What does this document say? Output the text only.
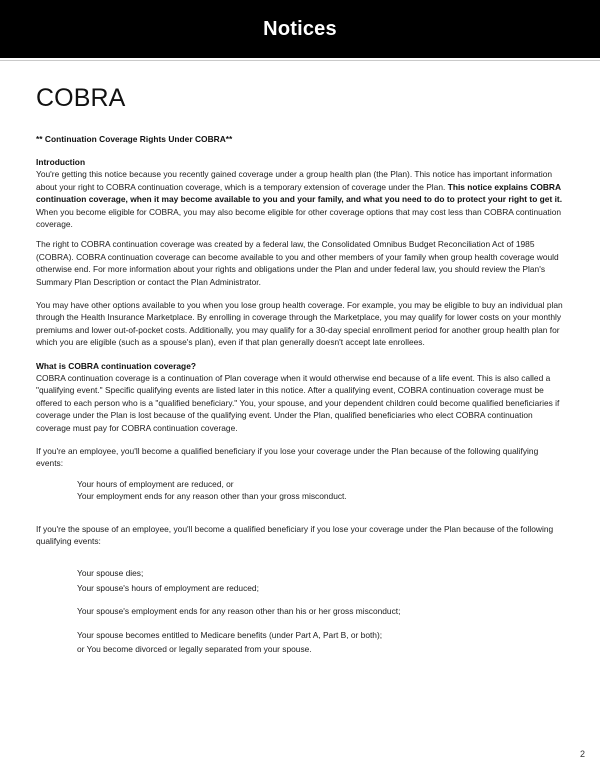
Notices
COBRA

** Continuation Coverage Rights Under COBRA**

Introduction

You're getting this notice because you recently gained coverage under a group health plan (the Plan). This notice has important information about your right to COBRA continuation coverage, which is a temporary extension of coverage under the Plan. This notice explains COBRA continuation coverage, when it may become available to you and your family, and what you need to do to protect your right to get it. When you become eligible for COBRA, you may also become eligible for other coverage options that may cost less than COBRA continuation coverage.

The right to COBRA continuation coverage was created by a federal law, the Consolidated Omnibus Budget Reconciliation Act of 1985 (COBRA). COBRA continuation coverage can become available to you and other members of your family when group health coverage would otherwise end. For more information about your rights and obligations under the Plan and under federal law, you should review the Plan's Summary Plan Description or contact the Plan Administrator.

You may have other options available to you when you lose group health coverage. For example, you may be eligible to buy an individual plan through the Health Insurance Marketplace. By enrolling in coverage through the Marketplace, you may qualify for lower costs on your monthly premiums and lower out-of-pocket costs. Additionally, you may qualify for a 30-day special enrollment period for another group health plan for which you are eligible (such as a spouse's plan), even if that plan generally doesn't accept late enrollees.

What is COBRA continuation coverage?

COBRA continuation coverage is a continuation of Plan coverage when it would otherwise end because of a life event. This is also called a "qualifying event." Specific qualifying events are listed later in this notice. After a qualifying event, COBRA continuation coverage must be offered to each person who is a "qualified beneficiary." You, your spouse, and your dependent children could become qualified beneficiaries if coverage under the Plan is lost because of the qualifying event. Under the Plan, qualified beneficiaries who elect COBRA continuation coverage must pay for COBRA continuation coverage.

If you're an employee, you'll become a qualified beneficiary if you lose your coverage under the Plan because of the following qualifying events:

Your hours of employment are reduced, or
Your employment ends for any reason other than your gross misconduct.

If you're the spouse of an employee, you'll become a qualified beneficiary if you lose your coverage under the Plan because of the following qualifying events:

Your spouse dies;
Your spouse's hours of employment are reduced;
Your spouse's employment ends for any reason other than his or her gross misconduct;
Your spouse becomes entitled to Medicare benefits (under Part A, Part B, or both);
or You become divorced or legally separated from your spouse.
2
